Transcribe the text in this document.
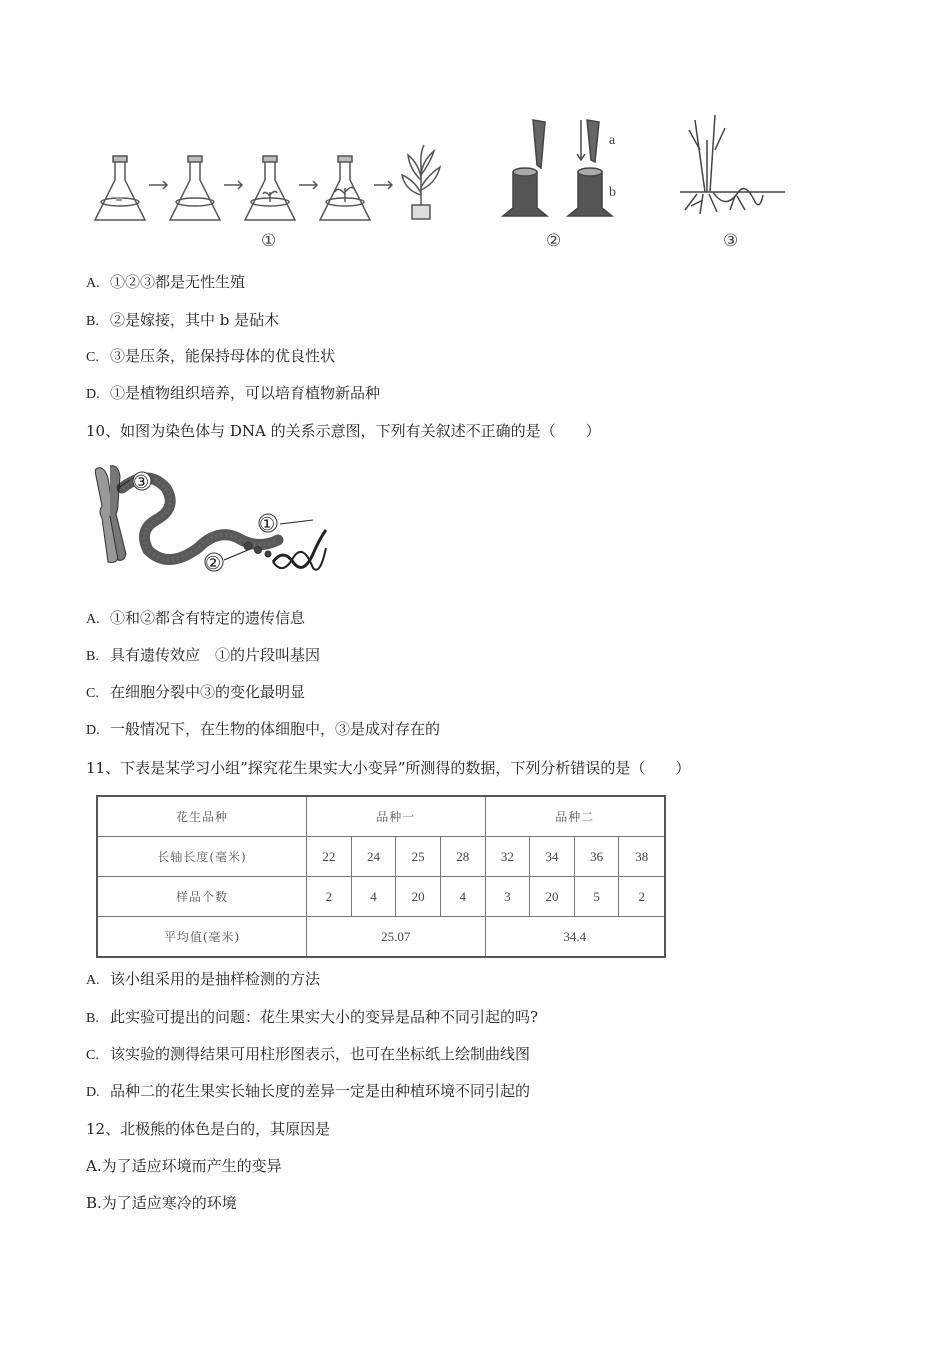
a
b
①	②	③
A. ①②③都是无性生殖
B. ②是嫁接，其中 b 是砧木
C. ③是压条，能保持母体的优良性状
D. ①是植物组织培养，可以培育植物新品种
10、如图为染色体与 DNA 的关系示意图，下列有关叙述不正确的是（　　）
③
①
②
A. ①和②都含有特定的遗传信息
B. 具有遗传效应　①的片段叫基因
C. 在细胞分裂中③的变化最明显
D. 一般情况下，在生物的体细胞中，③是成对存在的
11、下表是某学习小组”探究花生果实大小变异”所测得的数据，下列分析错误的是（　　）
花生品种	品种一				品种二			
长轴长度(毫米)	22	24	25	28	32	34	36	38
样品个数	2	4	20	4	3	20	5	2
平均值(毫米)	25.07				34.4			
A. 该小组采用的是抽样检测的方法
B. 此实验可提出的问题：花生果实大小的变异是品种不同引起的吗?
C. 该实验的测得结果可用柱形图表示，也可在坐标纸上绘制曲线图
D. 品种二的花生果实长轴长度的差异一定是由种植环境不同引起的
12、北极熊的体色是白的，其原因是
A.为了适应环境而产生的变异
B.为了适应寒冷的环境
